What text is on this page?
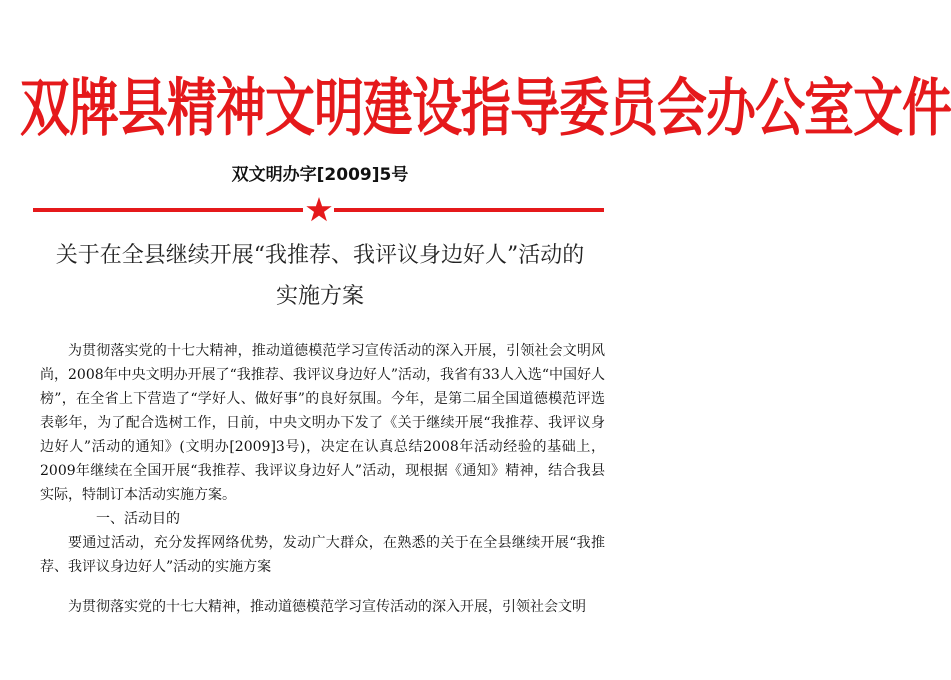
双牌县精神文明建设指导委员会办公室文件
双文明办字[2009]5号
关于在全县继续开展“我推荐、我评议身边好人”活动的
实施方案

为贯彻落实党的十七大精神，推动道德模范学习宣传活动的深入开展，引领社会文明风尚，2008年中央文明办开展了“我推荐、我评议身边好人”活动，我省有33人入选“中国好人榜”，在全省上下营造了“学好人、做好事”的良好氛围。今年，是第二届全国道德模范评选表彰年，为了配合选树工作，日前，中央文明办下发了《关于继续开展“我推荐、我评议身边好人”活动的通知》(文明办[2009]3号)，决定在认真总结2008年活动经验的基础上，2009年继续在全国开展“我推荐、我评议身边好人”活动，现根据《通知》精神，结合我县实际，特制订本活动实施方案。

一、活动目的

要通过活动，充分发挥网络优势，发动广大群众，在熟悉的关于在全县继续开展“我推荐、我评议身边好人”活动的实施方案

为贯彻落实党的十七大精神，推动道德模范学习宣传活动的深入开展，引领社会文明
